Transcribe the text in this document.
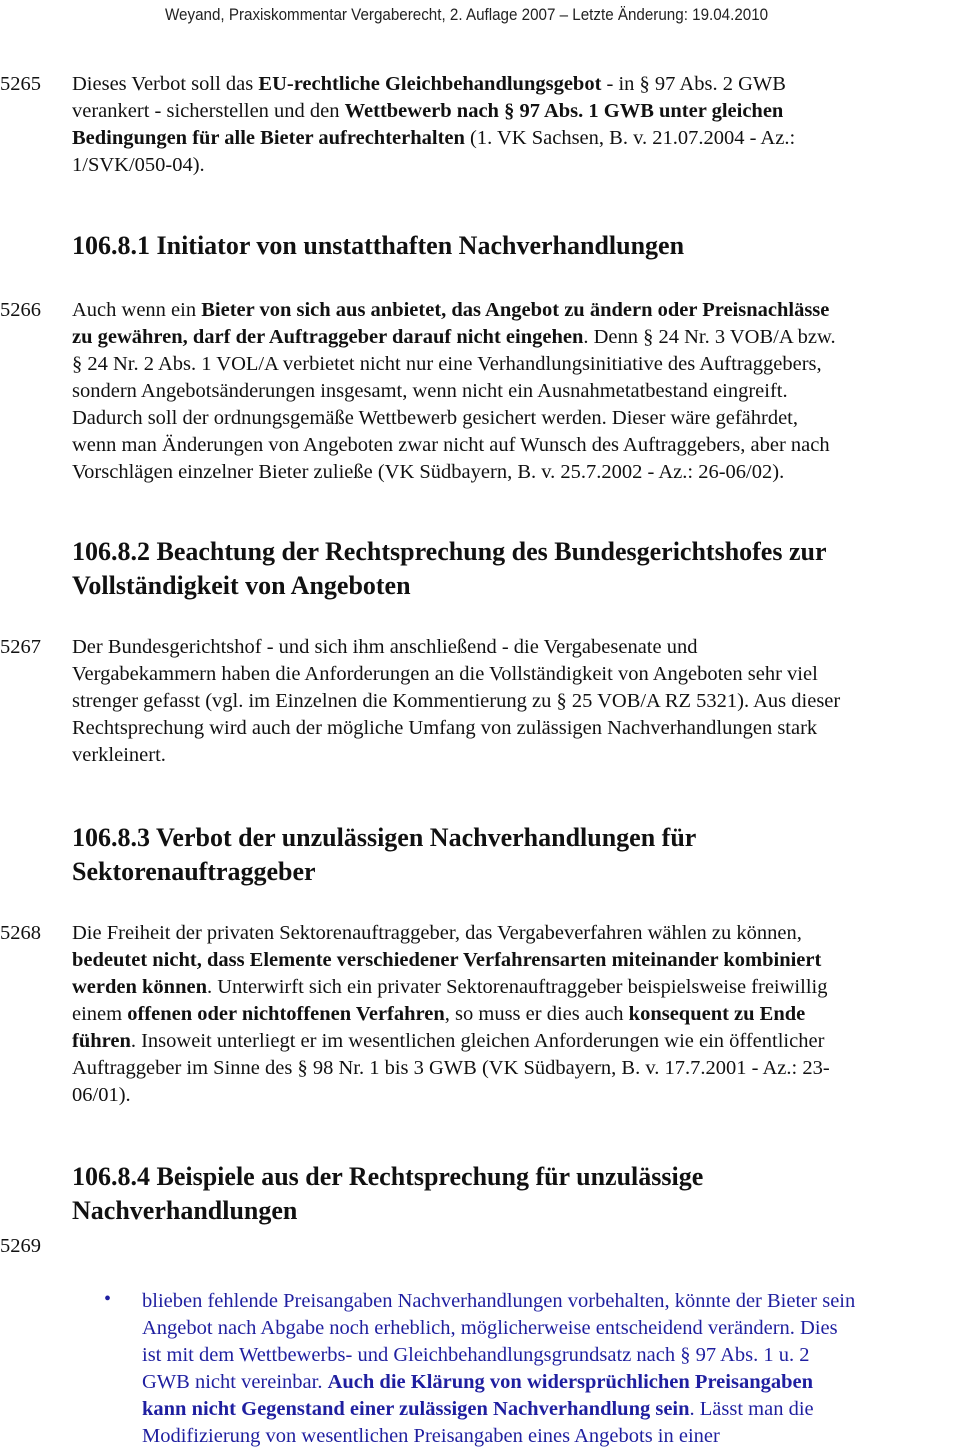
Weyand, Praxiskommentar Vergaberecht, 2. Auflage 2007 – Letzte Änderung: 19.04.2010
5265 Dieses Verbot soll das EU-rechtliche Gleichbehandlungsgebot - in § 97 Abs. 2 GWB
verankert - sicherstellen und den Wettbewerb nach § 97 Abs. 1 GWB unter gleichen
Bedingungen für alle Bieter aufrechterhalten (1. VK Sachsen, B. v. 21.07.2004 - Az.:
1/SVK/050-04).
106.8.1 Initiator von unstatthaften Nachverhandlungen
5266 Auch wenn ein Bieter von sich aus anbietet, das Angebot zu ändern oder Preisnachlässe
zu gewähren, darf der Auftraggeber darauf nicht eingehen. Denn § 24 Nr. 3 VOB/A bzw.
§ 24 Nr. 2 Abs. 1 VOL/A verbietet nicht nur eine Verhandlungsinitiative des Auftraggebers,
sondern Angebotsänderungen insgesamt, wenn nicht ein Ausnahmetatbestand eingreift.
Dadurch soll der ordnungsgemäße Wettbewerb gesichert werden. Dieser wäre gefährdet,
wenn man Änderungen von Angeboten zwar nicht auf Wunsch des Auftraggebers, aber nach
Vorschlägen einzelner Bieter zuließe (VK Südbayern, B. v. 25.7.2002 - Az.: 26-06/02).
106.8.2 Beachtung der Rechtsprechung des Bundesgerichtshofes zur
Vollständigkeit von Angeboten
5267 Der Bundesgerichtshof - und sich ihm anschließend - die Vergabesenate und
Vergabekammern haben die Anforderungen an die Vollständigkeit von Angeboten sehr viel
strenger gefasst (vgl. im Einzelnen die Kommentierung zu § 25 VOB/A RZ 5321). Aus dieser
Rechtsprechung wird auch der mögliche Umfang von zulässigen Nachverhandlungen stark
verkleinert.
106.8.3 Verbot der unzulässigen Nachverhandlungen für
Sektorenauftraggeber
5268 Die Freiheit der privaten Sektorenauftraggeber, das Vergabeverfahren wählen zu können,
bedeutet nicht, dass Elemente verschiedener Verfahrensarten miteinander kombiniert
werden können. Unterwirft sich ein privater Sektorenauftraggeber beispielsweise freiwillig
einem offenen oder nichtoffenen Verfahren, so muss er dies auch konsequent zu Ende
führen. Insoweit unterliegt er im wesentlichen gleichen Anforderungen wie ein öffentlicher
Auftraggeber im Sinne des § 98 Nr. 1 bis 3 GWB (VK Südbayern, B. v. 17.7.2001 - Az.: 23-
06/01).
106.8.4 Beispiele aus der Rechtsprechung für unzulässige
Nachverhandlungen
5269
• blieben fehlende Preisangaben Nachverhandlungen vorbehalten, könnte der Bieter sein
Angebot nach Abgabe noch erheblich, möglicherweise entscheidend verändern. Dies
ist mit dem Wettbewerbs- und Gleichbehandlungsgrundsatz nach § 97 Abs. 1 u. 2
GWB nicht vereinbar. Auch die Klärung von widersprüchlichen Preisangaben
kann nicht Gegenstand einer zulässigen Nachverhandlung sein. Lässt man die
Modifizierung von wesentlichen Preisangaben eines Angebots in einer
